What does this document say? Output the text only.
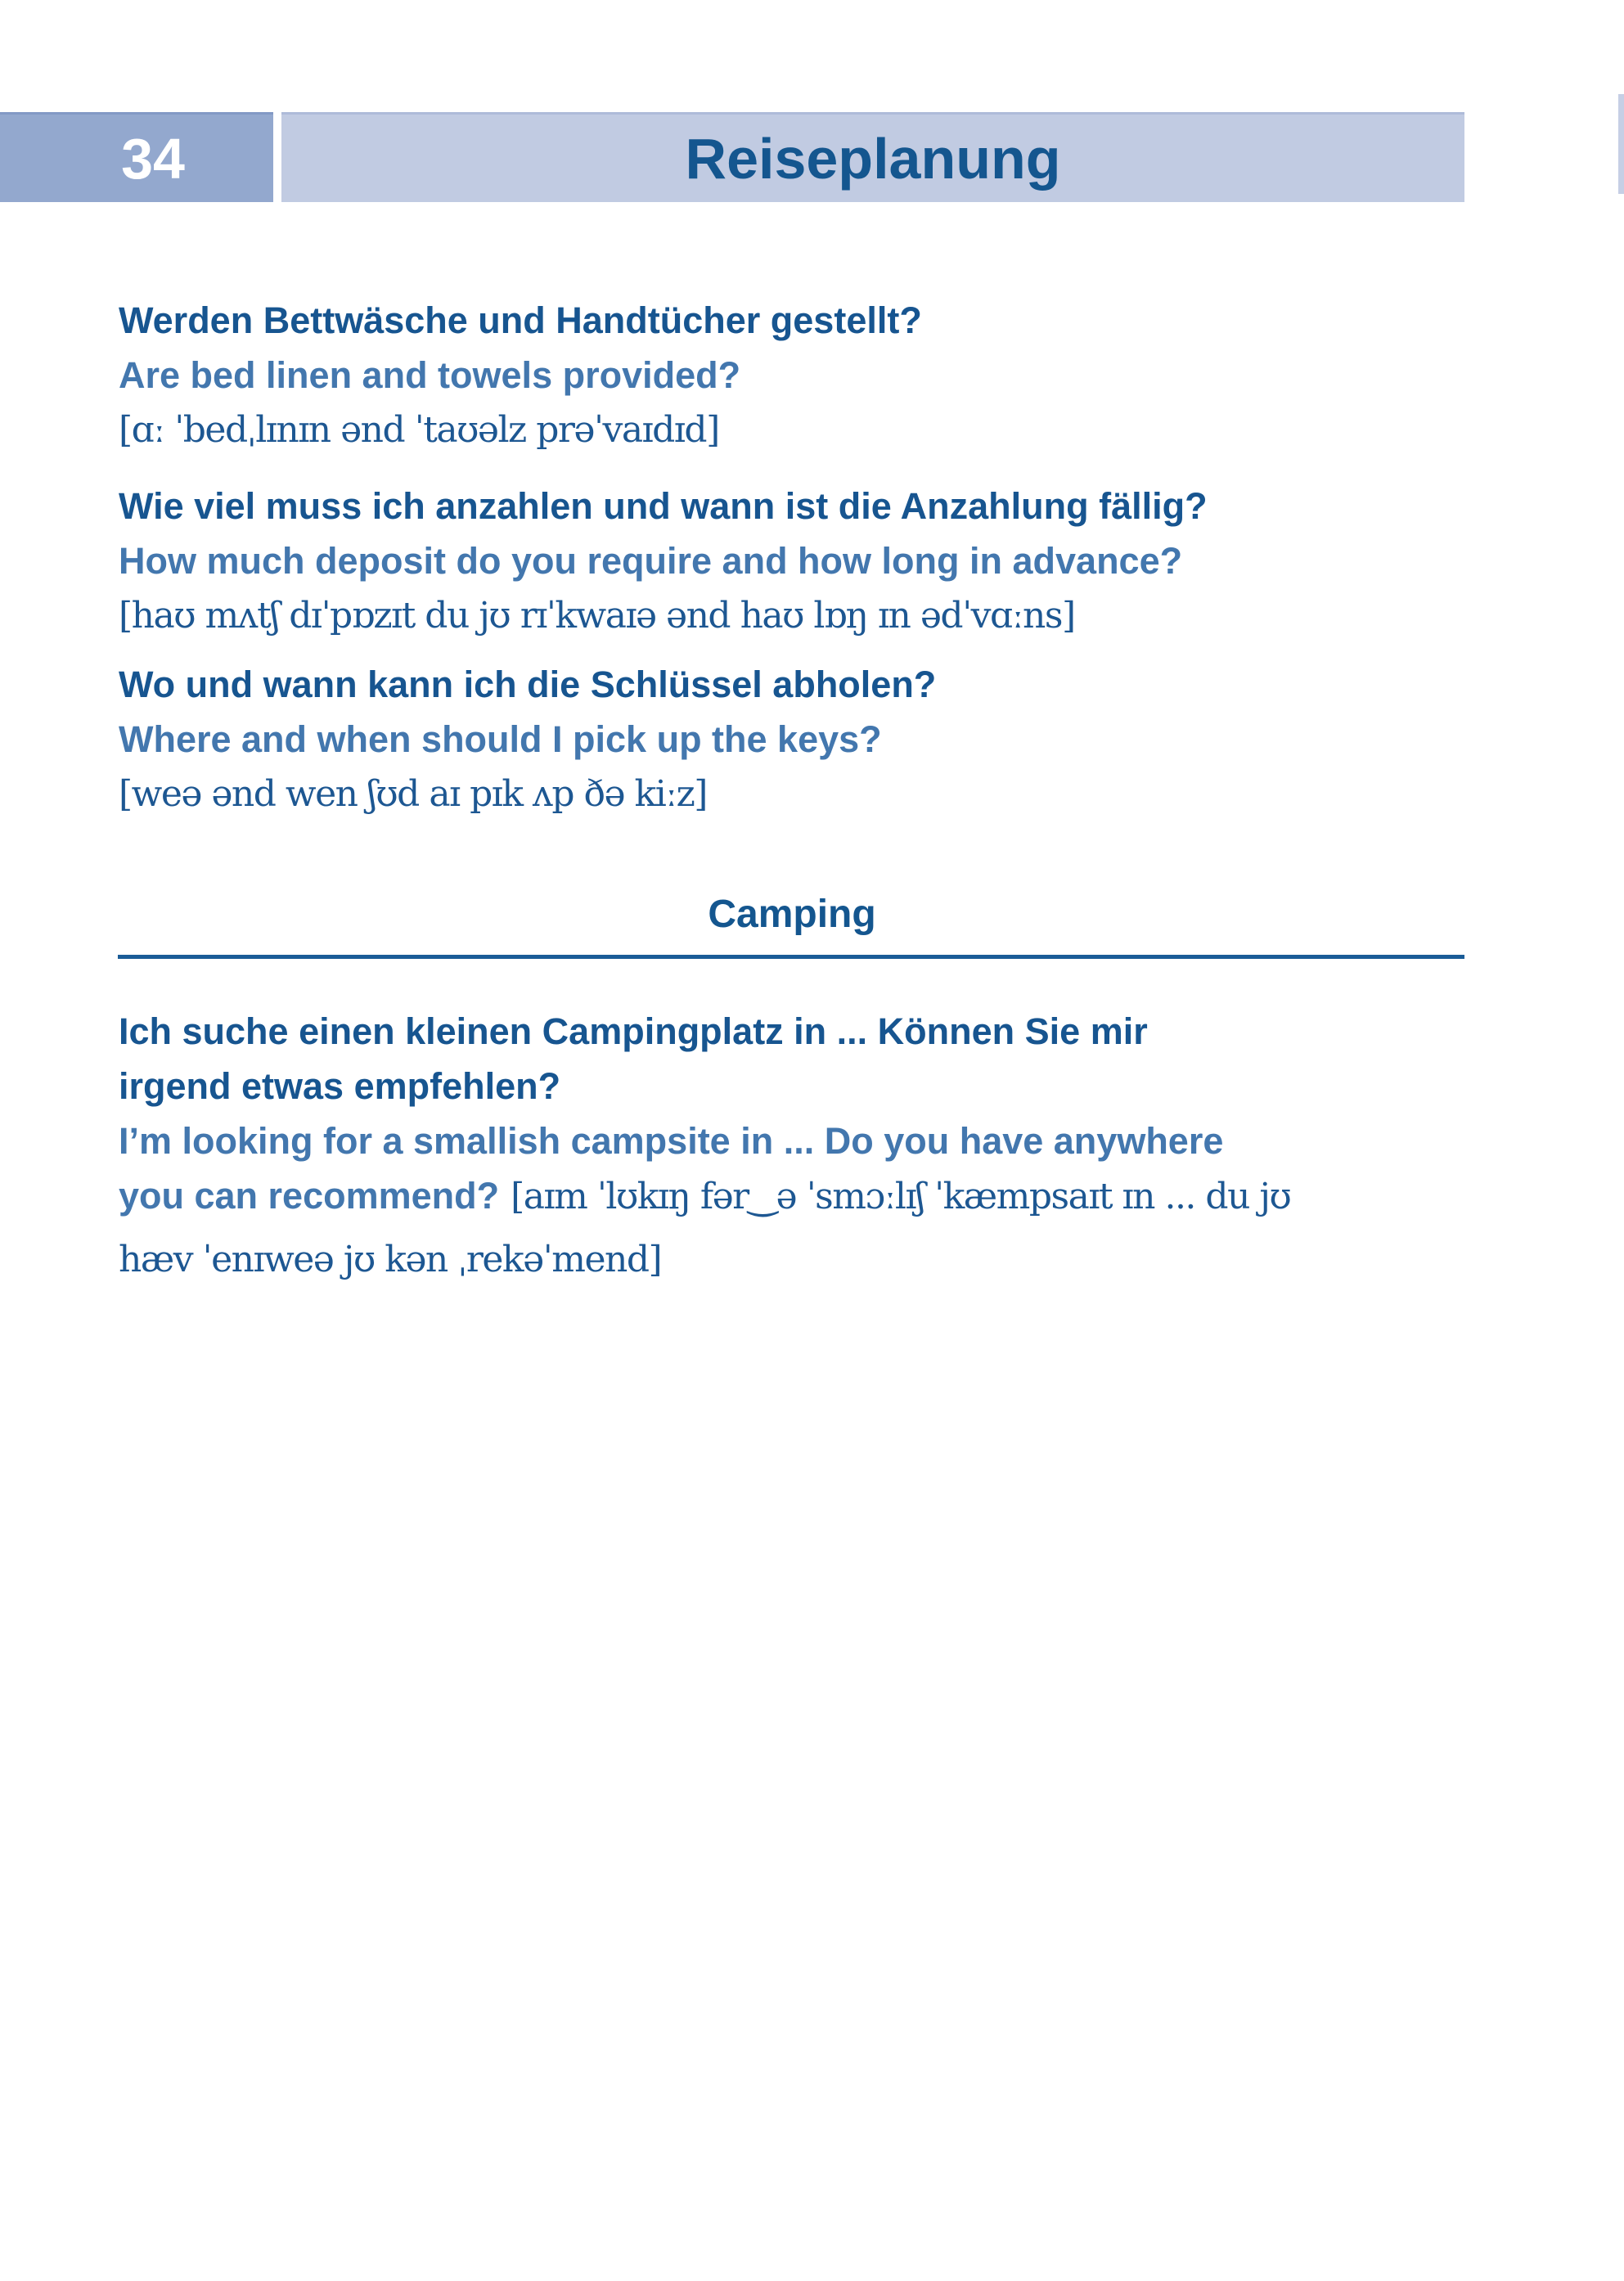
34	Reiseplanung
Werden Bettwäsche und Handtücher gestellt?
Are bed linen and towels provided?
[ɑː ˈbedˌlɪnɪn ənd ˈtaʊəlz prəˈvaɪdɪd]
Wie viel muss ich anzahlen und wann ist die Anzahlung fällig?
How much deposit do you require and how long in advance?
[haʊ mʌtʃ dɪˈpɒzɪt du jʊ rɪˈkwaɪə ənd haʊ lɒŋ ɪn ədˈvɑːns]
Wo und wann kann ich die Schlüssel abholen?
Where and when should I pick up the keys?
[weə ənd wen ʃʊd aɪ pɪk ʌp ðə kiːz]
Camping
Ich suche einen kleinen Campingplatz in ... Können Sie mir
irgend etwas empfehlen?
I’m looking for a smallish campsite in ... Do you have anywhere
you can recommend? [aɪm ˈlʊkɪŋ fər‿ə ˈsmɔːlɪʃ ˈkæmpsaɪt ɪn ... du jʊ
hæv ˈenɪweə jʊ kən ˌrekəˈmend]
